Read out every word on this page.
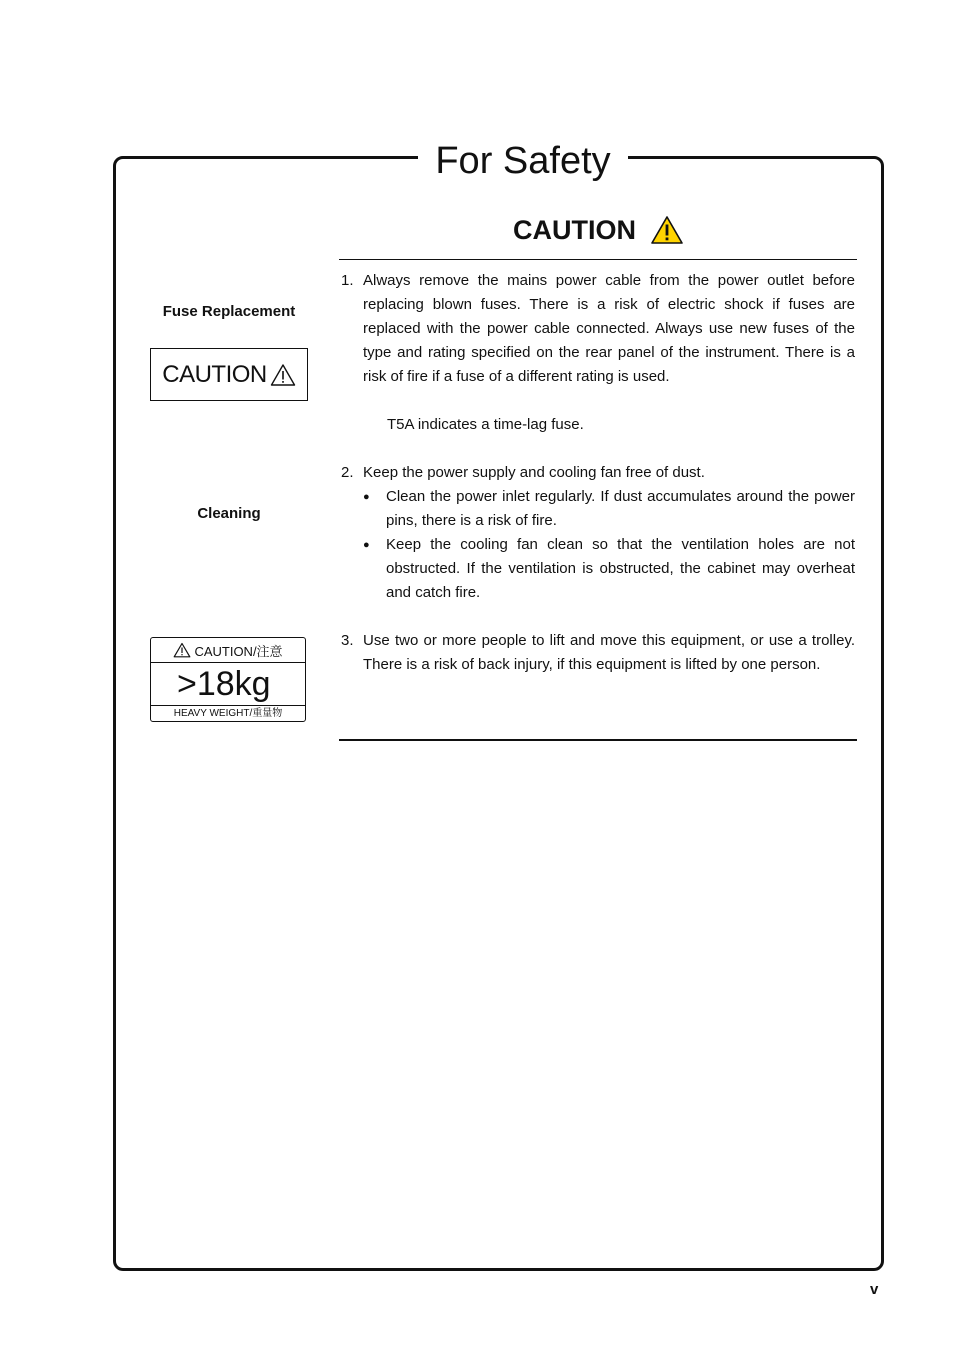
For Safety
CAUTION
Fuse Replacement
CAUTION
Cleaning
CAUTION/注意
>18kg
HEAVY WEIGHT/重量物
1. Always remove the mains power cable from the power outlet before replacing blown fuses. There is a risk of electric shock if fuses are replaced with the power cable connected. Always use new fuses of the type and rating specified on the rear panel of the instrument. There is a risk of fire if a fuse of a different rating is used.
T5A indicates a time-lag fuse.
2. Keep the power supply and cooling fan free of dust.
●	Clean the power inlet regularly. If dust accumulates around the power pins, there is a risk of fire.
●	Keep the cooling fan clean so that the ventilation holes are not obstructed. If the ventilation is obstructed, the cabinet may overheat and catch fire.
3. Use two or more people to lift and move this equipment, or use a trolley. There is a risk of back injury, if this equipment is lifted by one person.
v
